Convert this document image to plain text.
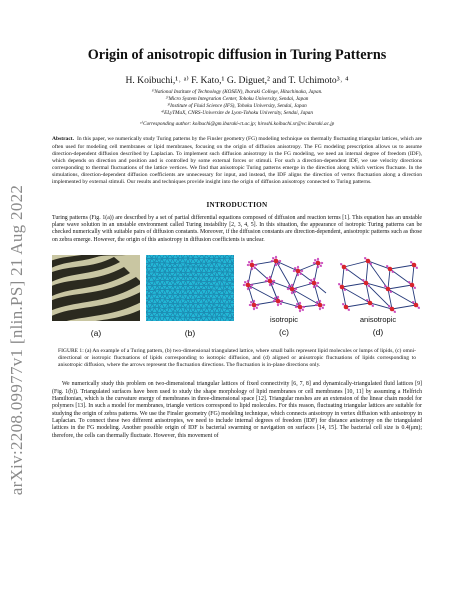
arXiv:2208.09977v1 [nlin.PS] 21 Aug 2022
Origin of anisotropic diffusion in Turing Patterns
H. Koibuchi,¹˒ ᵃ⁾ F. Kato,¹ G. Diguet,² and T. Uchimoto³˒ ⁴
¹⁾National Institute of Technology (KOSEN), Ibaraki College, Hitachinaka, Japan.
²⁾Micro System Integration Center, Tohoku University, Sendai, Japan
³⁾Institute of Fluid Science (IFS), Tohoku University, Sendai, Japan
⁴⁾ELyTMaX, CNRS-Universite de Lyon-Tohoku University, Sendai, Japan
ᵃ⁾Corresponding author: koibuchi@gm.ibaraki-ct.ac.jp; hiroshi.koibuchi.xr@vc.ibaraki.ac.jp
Abstract. In this paper, we numerically study Turing patterns by the Finsler geometry (FG) modeling technique on thermally fluctuating triangular lattices, which are often used for modeling cell membranes or lipid membranes, focusing on the origin of diffusion anisotropy. The FG modeling prescription allows us to assume direction-dependent diffusion described by Laplacian. To implement such diffusion anisotropy in the FG modeling, we need an internal degree of freedom (IDF), which depends on direction and position and is controlled by some external forces or stimuli. For such a direction-dependent IDF, we use velocity directions corresponding to thermal fluctuations of the lattice vertices. We find that anisotropic Turing patterns emerge in the direction along which vertices fluctuate. In the simulations, direction-dependent diffusion coefficients are unnecessary for input, and instead, the IDF aligns the direction of vertex fluctuation along a direction implemented by external stimuli. Our results and techniques provide insight into the origin of diffusion anisotropy connected to Turing patterns.
INTRODUCTION

Turing patterns (Fig. 1(a)) are described by a set of partial differential equations composed of diffusion and reaction terms [1]. This equation has an unstable plane wave solution in an unstable environment called Turing instability [2, 3, 4, 5]. In this situation, the appearance of isotropic Turing patterns can be checked numerically with suitable pairs of diffusion constants. Moreover, if the diffusion constants are direction-dependent, anisotropic patterns such as those on zebra emerge. However, the origin of this anisotropy in diffusion coefficients is unclear.

(a)	(b)
isotropic
(c)
anisotropic
(d)
FIGURE 1: (a) An example of a Turing pattern, (b) two-dimensional triangulated lattice, where small balls represent lipid molecules or lumps of lipids, (c) omni-directional or isotropic fluctuations of lipids corresponding to isotropic diffusion, and (d) aligned or anisotropic fluctuations of lipids corresponding to anisotropic diffusion, where the arrows represent the fluctuation directions. The fluctuation is in-plane directions only.

We numerically study this problem on two-dimensional triangular lattices of fixed connectivity [6, 7, 8] and dynamically-triangulated fluid lattices [9] (Fig. 1(b)). Triangulated surfaces have been used to study the shape morphology of lipid membranes or cell membranes [10, 11] by assuming a Helfrich Hamiltonian, which is the curvature energy of membranes in three-dimensional space [12]. Triangular meshes are an extension of the linear chain model for polymers [13]. In such a model for membranes, triangle vertices correspond to lipid molecules. For this reason, fluctuating triangular lattices are suitable for studying the origin of zebra patterns. We use the Finsler geometry (FG) modeling technique, which connects anisotropy in vertex diffusion with anisotropy in Laplacian. To connect these two different anisotropies, we need to include internal degrees of freedom (IDF) for distance anisotropy on the triangulated lattices in the FG modeling. Another possible origin of IDF is bacterial swarming or navigation on surfaces [14, 15]. The bacterial cell size is 0.4(μm); therefore, the cells can thermally fluctuate. However, this movement of
